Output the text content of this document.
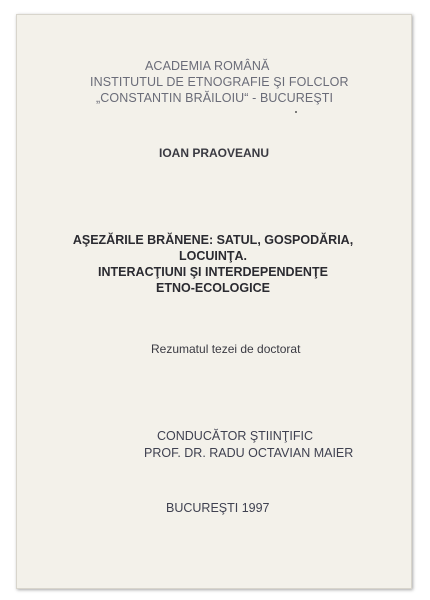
ACADEMIA ROMÂNĂ
INSTITUTUL DE ETNOGRAFIE ŞI FOLCLOR
„CONSTANTIN BRĂILOIU“ - BUCUREŞTI
IOAN PRAOVEANU
AŞEZĂRILE BRĂNENE: SATUL, GOSPODĂRIA,
LOCUINŢA.
INTERACŢIUNI ŞI INTERDEPENDENŢE
ETNO-ECOLOGICE
Rezumatul tezei de doctorat
CONDUCĂTOR ŞTIINŢIFIC
PROF. DR. RADU OCTAVIAN MAIER
BUCUREŞTI 1997
